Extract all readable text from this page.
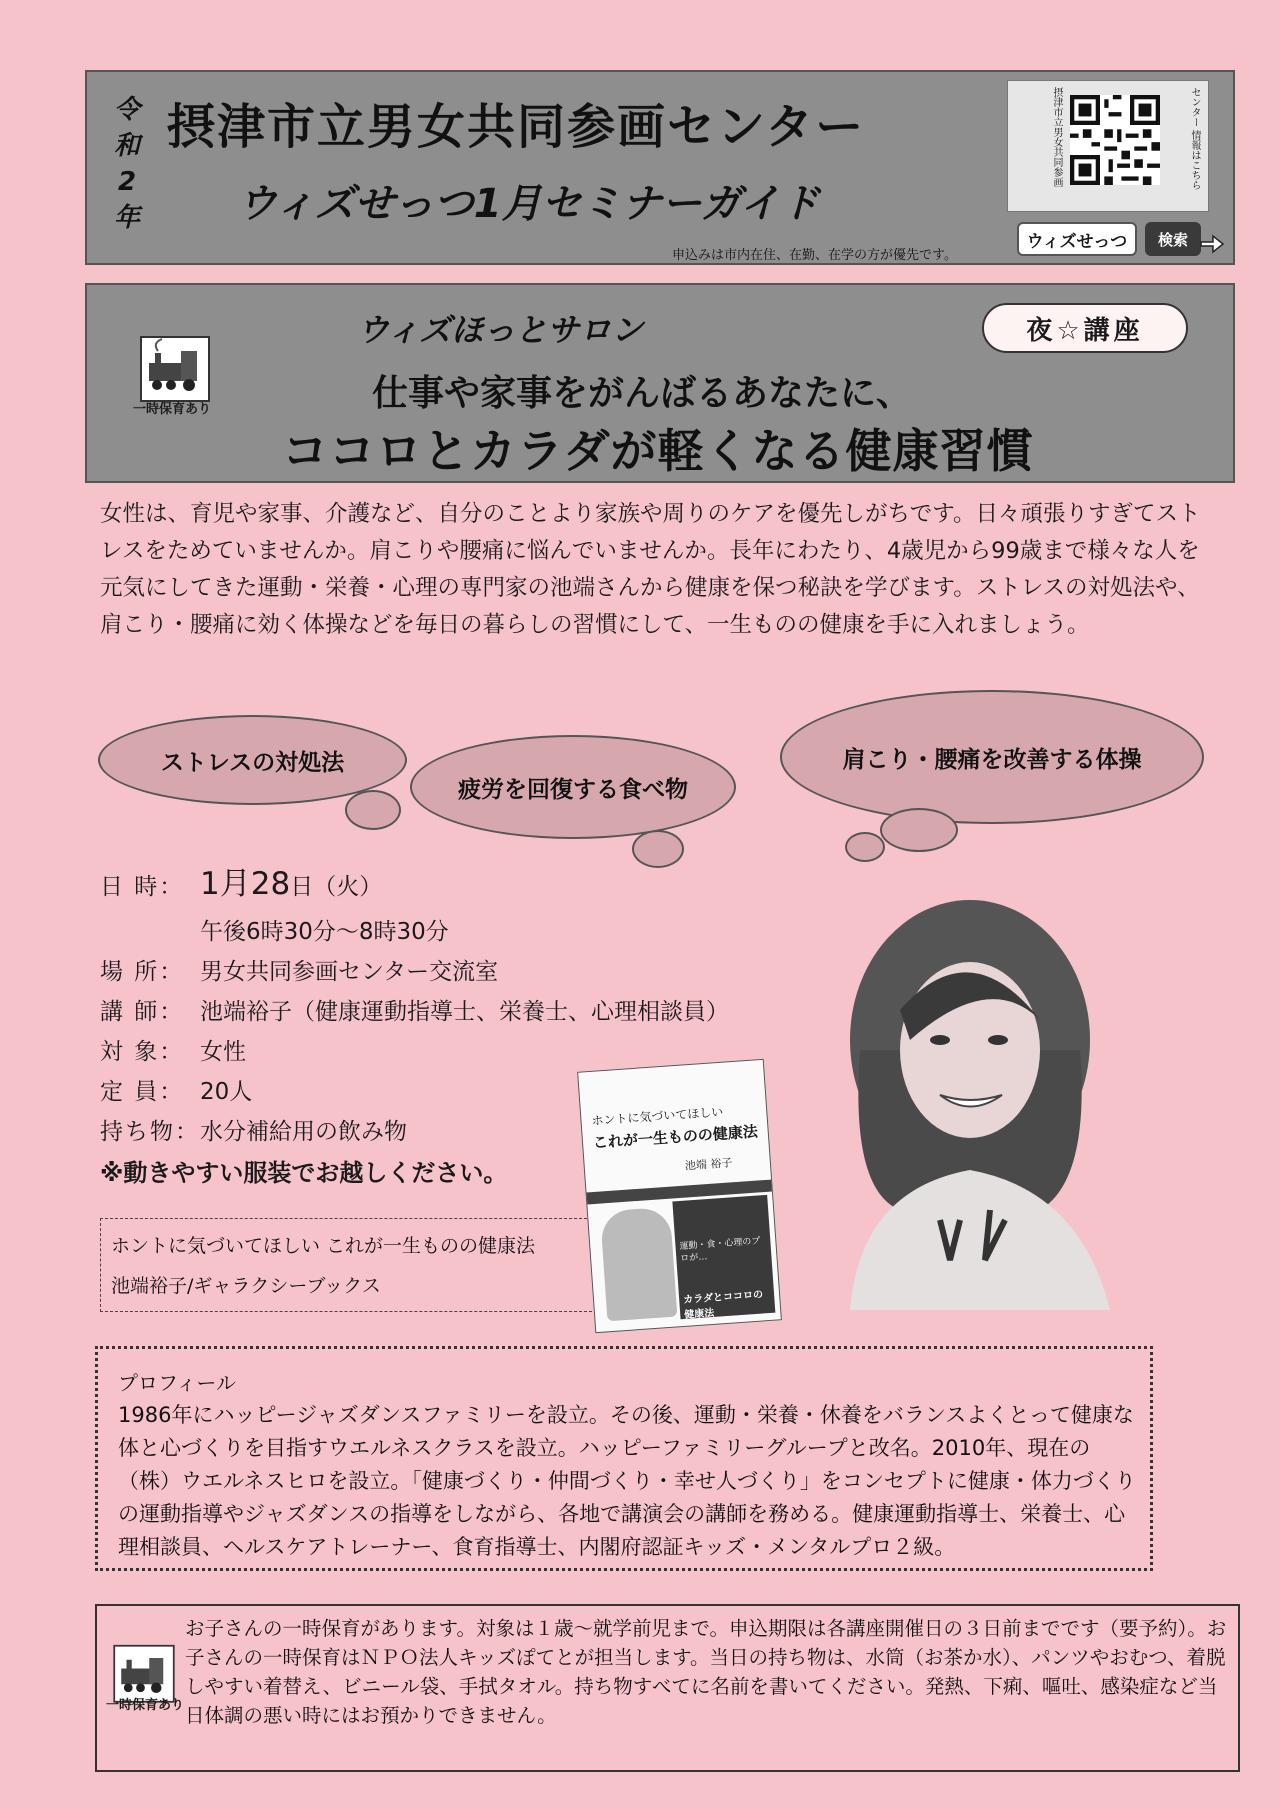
令和2年
摂津市立男女共同参画センター
ウィズせっつ1月セミナーガイド
申込みは市内在住、在勤、在学の方が優先です。
摂津市立男女共同参画	センター 情報はこちら
ウィズせっつ	検索
一時保育あり
ウィズほっとサロン	夜☆講座
仕事や家事をがんばるあなたに、
ココロとカラダが軽くなる健康習慣
女性は、育児や家事、介護など、自分のことより家族や周りのケアを優先しがちです。日々頑張りすぎてストレスをためていませんか。肩こりや腰痛に悩んでいませんか。長年にわたり、4歳児から99歳まで様々な人を元気にしてきた運動・栄養・心理の専門家の池端さんから健康を保つ秘訣を学びます。ストレスの対処法や、肩こり・腰痛に効く体操などを毎日の暮らしの習慣にして、一生ものの健康を手に入れましょう。
ストレスの対処法
疲労を回復する食べ物
肩こり・腰痛を改善する体操
日 時： 1月28日（火）
午後6時30分～8時30分
場 所： 男女共同参画センター交流室
講 師： 池端裕子（健康運動指導士、栄養士、心理相談員）
対 象： 女性
定 員： 20人
持ち物：水分補給用の飲み物
※動きやすい服装でお越しください。
ホントに気づいてほしい これが一生ものの健康法
池端裕子/ギャラクシーブックス
ホントに気づいてほしい
これが一生ものの健康法
池端 裕子
運動・食・心理のプロが…
カラダとココロの健康法
プロフィール
1986年にハッピージャズダンスファミリーを設立。その後、運動・栄養・休養をバランスよくとって健康な体と心づくりを目指すウエルネスクラスを設立。ハッピーファミリーグループと改名。2010年、現在の（株）ウエルネスヒロを設立。「健康づくり・仲間づくり・幸せ人づくり」をコンセプトに健康・体力づくりの運動指導やジャズダンスの指導をしながら、各地で講演会の講師を務める。健康運動指導士、栄養士、心理相談員、ヘルスケアトレーナー、食育指導士、内閣府認証キッズ・メンタルプロ２級。
一時保育あり
お子さんの一時保育があります。対象は１歳～就学前児まで。申込期限は各講座開催日の３日前までです（要予約）。お子さんの一時保育はＮＰＯ法人キッズぽてとが担当します。当日の持ち物は、水筒（お茶か水）、パンツやおむつ、着脱しやすい着替え、ビニール袋、手拭タオル。持ち物すべてに名前を書いてください。発熱、下痢、嘔吐、感染症など当日体調の悪い時にはお預かりできません。
